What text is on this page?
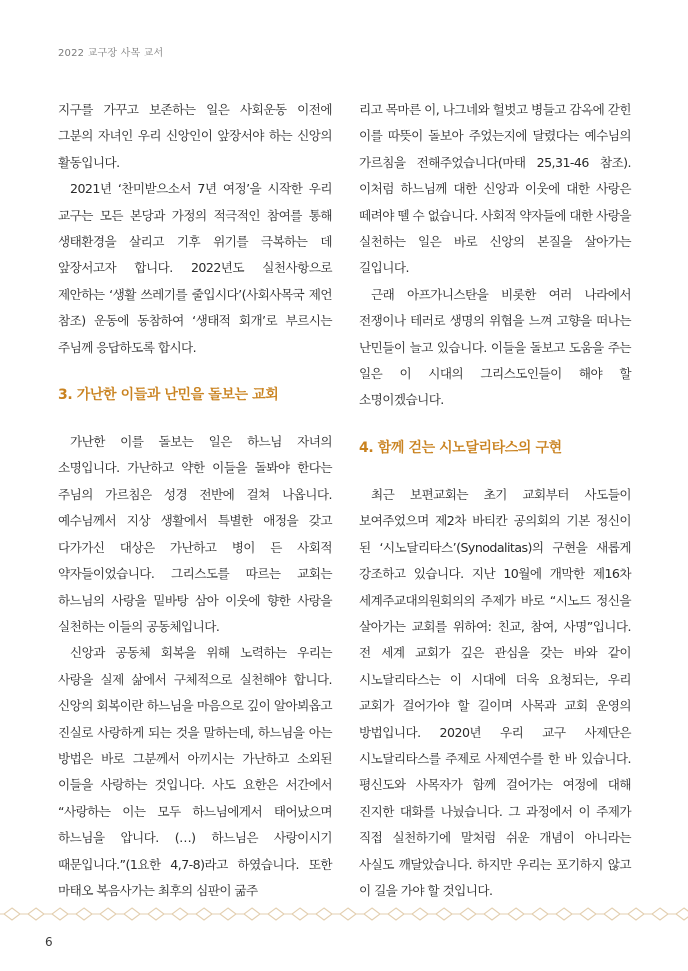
2022 교구장 사목 교서

지구를 가꾸고 보존하는 일은 사회운동 이전에 그분의 자녀인 우리 신앙인이 앞장서야 하는 신앙의 활동입니다.

2021년 ‘찬미받으소서 7년 여정’을 시작한 우리 교구는 모든 본당과 가정의 적극적인 참여를 통해 생태환경을 살리고 기후 위기를 극복하는 데 앞장서고자 합니다. 2022년도 실천사항으로 제안하는 ‘생활 쓰레기를 줄입시다’(사회사목국 제언 참조) 운동에 동참하여 ‘생태적 회개’로 부르시는 주님께 응답하도록 합시다.

3. 가난한 이들과 난민을 돌보는 교회

가난한 이를 돌보는 일은 하느님 자녀의 소명입니다. 가난하고 약한 이들을 돌봐야 한다는 주님의 가르침은 성경 전반에 걸쳐 나옵니다. 예수님께서 지상 생활에서 특별한 애정을 갖고 다가가신 대상은 가난하고 병이 든 사회적 약자들이었습니다. 그리스도를 따르는 교회는 하느님의 사랑을 밑바탕 삼아 이웃에 향한 사랑을 실천하는 이들의 공동체입니다.

신앙과 공동체 회복을 위해 노력하는 우리는 사랑을 실제 삶에서 구체적으로 실천해야 합니다. 신앙의 회복이란 하느님을 마음으로 깊이 알아뵈옵고 진실로 사랑하게 되는 것을 말하는데, 하느님을 아는 방법은 바로 그분께서 아끼시는 가난하고 소외된 이들을 사랑하는 것입니다. 사도 요한은 서간에서 “사랑하는 이는 모두 하느님에게서 태어났으며 하느님을 압니다. (…) 하느님은 사랑이시기 때문입니다.”(1요한 4,7-8)라고 하였습니다. 또한 마태오 복음사가는 최후의 심판이 굶주

리고 목마른 이, 나그네와 헐벗고 병들고 감옥에 갇힌 이를 따뜻이 돌보아 주었는지에 달렸다는 예수님의 가르침을 전해주었습니다(마태 25,31-46 참조). 이처럼 하느님께 대한 신앙과 이웃에 대한 사랑은 떼려야 뗄 수 없습니다. 사회적 약자들에 대한 사랑을 실천하는 일은 바로 신앙의 본질을 살아가는 길입니다.

근래 아프가니스탄을 비롯한 여러 나라에서 전쟁이나 테러로 생명의 위협을 느껴 고향을 떠나는 난민들이 늘고 있습니다. 이들을 돌보고 도움을 주는 일은 이 시대의 그리스도인들이 해야 할 소명이겠습니다.

4. 함께 걷는 시노달리타스의 구현

최근 보편교회는 초기 교회부터 사도들이 보여주었으며 제2차 바티칸 공의회의 기본 정신이 된 ‘시노달리타스’(Synodalitas)의 구현을 새롭게 강조하고 있습니다. 지난 10월에 개막한 제16차 세계주교대의원회의의 주제가 바로 “시노드 정신을 살아가는 교회를 위하여: 친교, 참여, 사명”입니다. 전 세계 교회가 깊은 관심을 갖는 바와 같이 시노달리타스는 이 시대에 더욱 요청되는, 우리 교회가 걸어가야 할 길이며 사목과 교회 운영의 방법입니다. 2020년 우리 교구 사제단은 시노달리타스를 주제로 사제연수를 한 바 있습니다. 평신도와 사목자가 함께 걸어가는 여정에 대해 진지한 대화를 나눴습니다. 그 과정에서 이 주제가 직접 실천하기에 말처럼 쉬운 개념이 아니라는 사실도 깨달았습니다. 하지만 우리는 포기하지 않고 이 길을 가야 할 것입니다.

6
